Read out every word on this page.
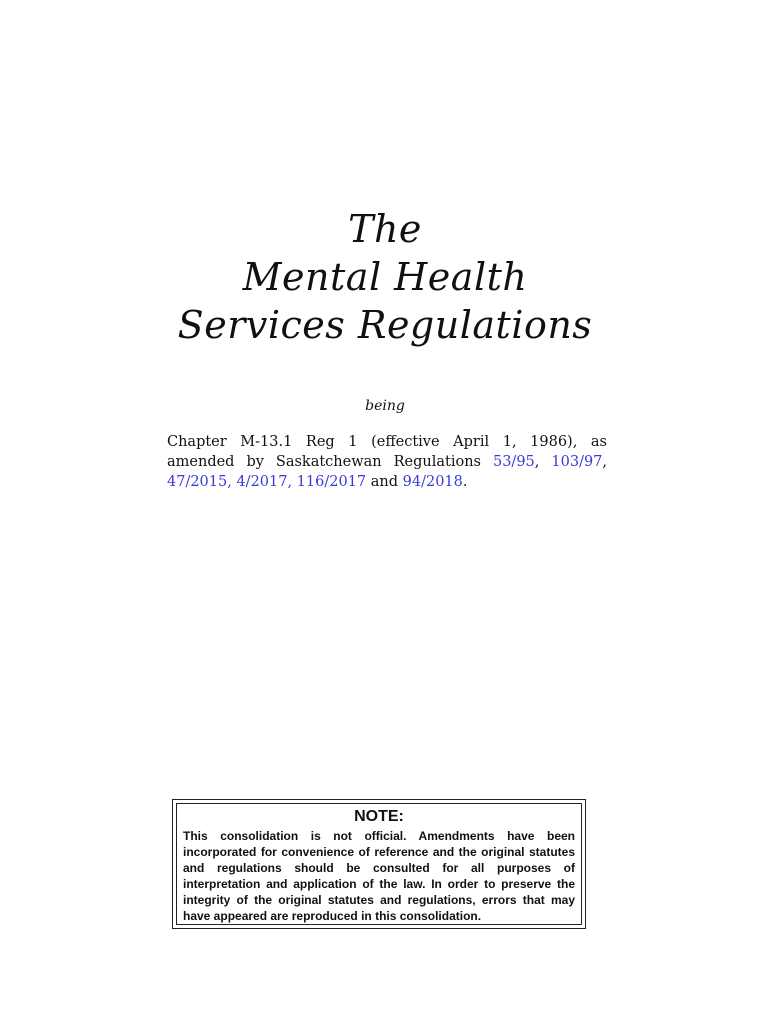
The
Mental Health
Services Regulations
being
Chapter M-13.1 Reg 1 (effective April 1, 1986), as amended by Saskatchewan Regulations 53/95, 103/97, 47/2015, 4/2017, 116/2017 and 94/2018.
NOTE:
This consolidation is not official. Amendments have been incorporated for convenience of reference and the original statutes and regulations should be consulted for all purposes of interpretation and application of the law. In order to preserve the integrity of the original statutes and regulations, errors that may have appeared are reproduced in this consolidation.
